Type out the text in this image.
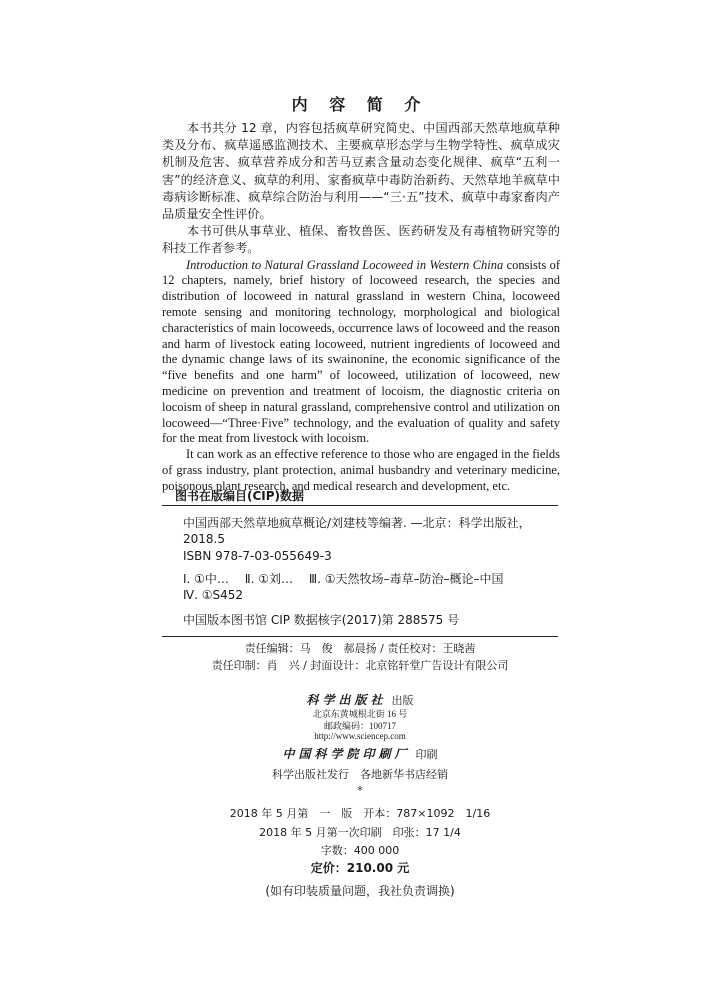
内 容 简 介

本书共分 12 章，内容包括疯草研究简史、中国西部天然草地疯草种类及分布、疯草遥感监测技术、主要疯草形态学与生物学特性、疯草成灾机制及危害、疯草营养成分和苦马豆素含量动态变化规律、疯草“五利一害”的经济意义、疯草的利用、家畜疯草中毒防治新药、天然草地羊疯草中毒病诊断标准、疯草综合防治与利用——“三·五”技术、疯草中毒家畜肉产品质量安全性评价。

本书可供从事草业、植保、畜牧兽医、医药研发及有毒植物研究等的科技工作者参考。

Introduction to Natural Grassland Locoweed in Western China consists of 12 chapters, namely, brief history of locoweed research, the species and distribution of locoweed in natural grassland in western China, locoweed remote sensing and monitoring technology, morphological and biological characteristics of main locoweeds, occurrence laws of locoweed and the reason and harm of livestock eating locoweed, nutrient ingredients of locoweed and the dynamic change laws of its swainonine, the economic significance of the “five benefits and one harm” of locoweed, utilization of locoweed, new medicine on prevention and treatment of locoism, the diagnostic criteria on locoism of sheep in natural grassland, comprehensive control and utilization on locoweed—“Three·Five” technology, and the evaluation of quality and safety for the meat from livestock with locoism.

It can work as an effective reference to those who are engaged in the fields of grass industry, plant protection, animal husbandry and veterinary medicine, poisonous plant research, and medical research and development, etc.

图书在版编目(CIP)数据
中国西部天然草地疯草概论/刘建枝等编著. —北京：科学出版社，
2018.5
ISBN 978-7-03-055649-3
Ⅰ. ①中…　 Ⅱ. ①刘…　 Ⅲ. ①天然牧场–毒草–防治–概论–中国
Ⅳ. ①S452
中国版本图书馆 CIP 数据核字(2017)第 288575 号
责任编辑：马　俊　郝晨扬 / 责任校对：王晓茜
责任印制：肖　兴 / 封面设计：北京铭轩堂广告设计有限公司
科学出版社 出版
北京东黄城根北街 16 号
邮政编码：100717
http://www.sciencep.com
中国科学院印刷厂 印刷
科学出版社发行　各地新华书店经销
*
2018 年 5 月第　一　版　开本：787×1092　1/16
2018 年 5 月第一次印刷　印张：17 1/4
字数：400 000
定价：210.00 元
(如有印装质量问题，我社负责调换)
